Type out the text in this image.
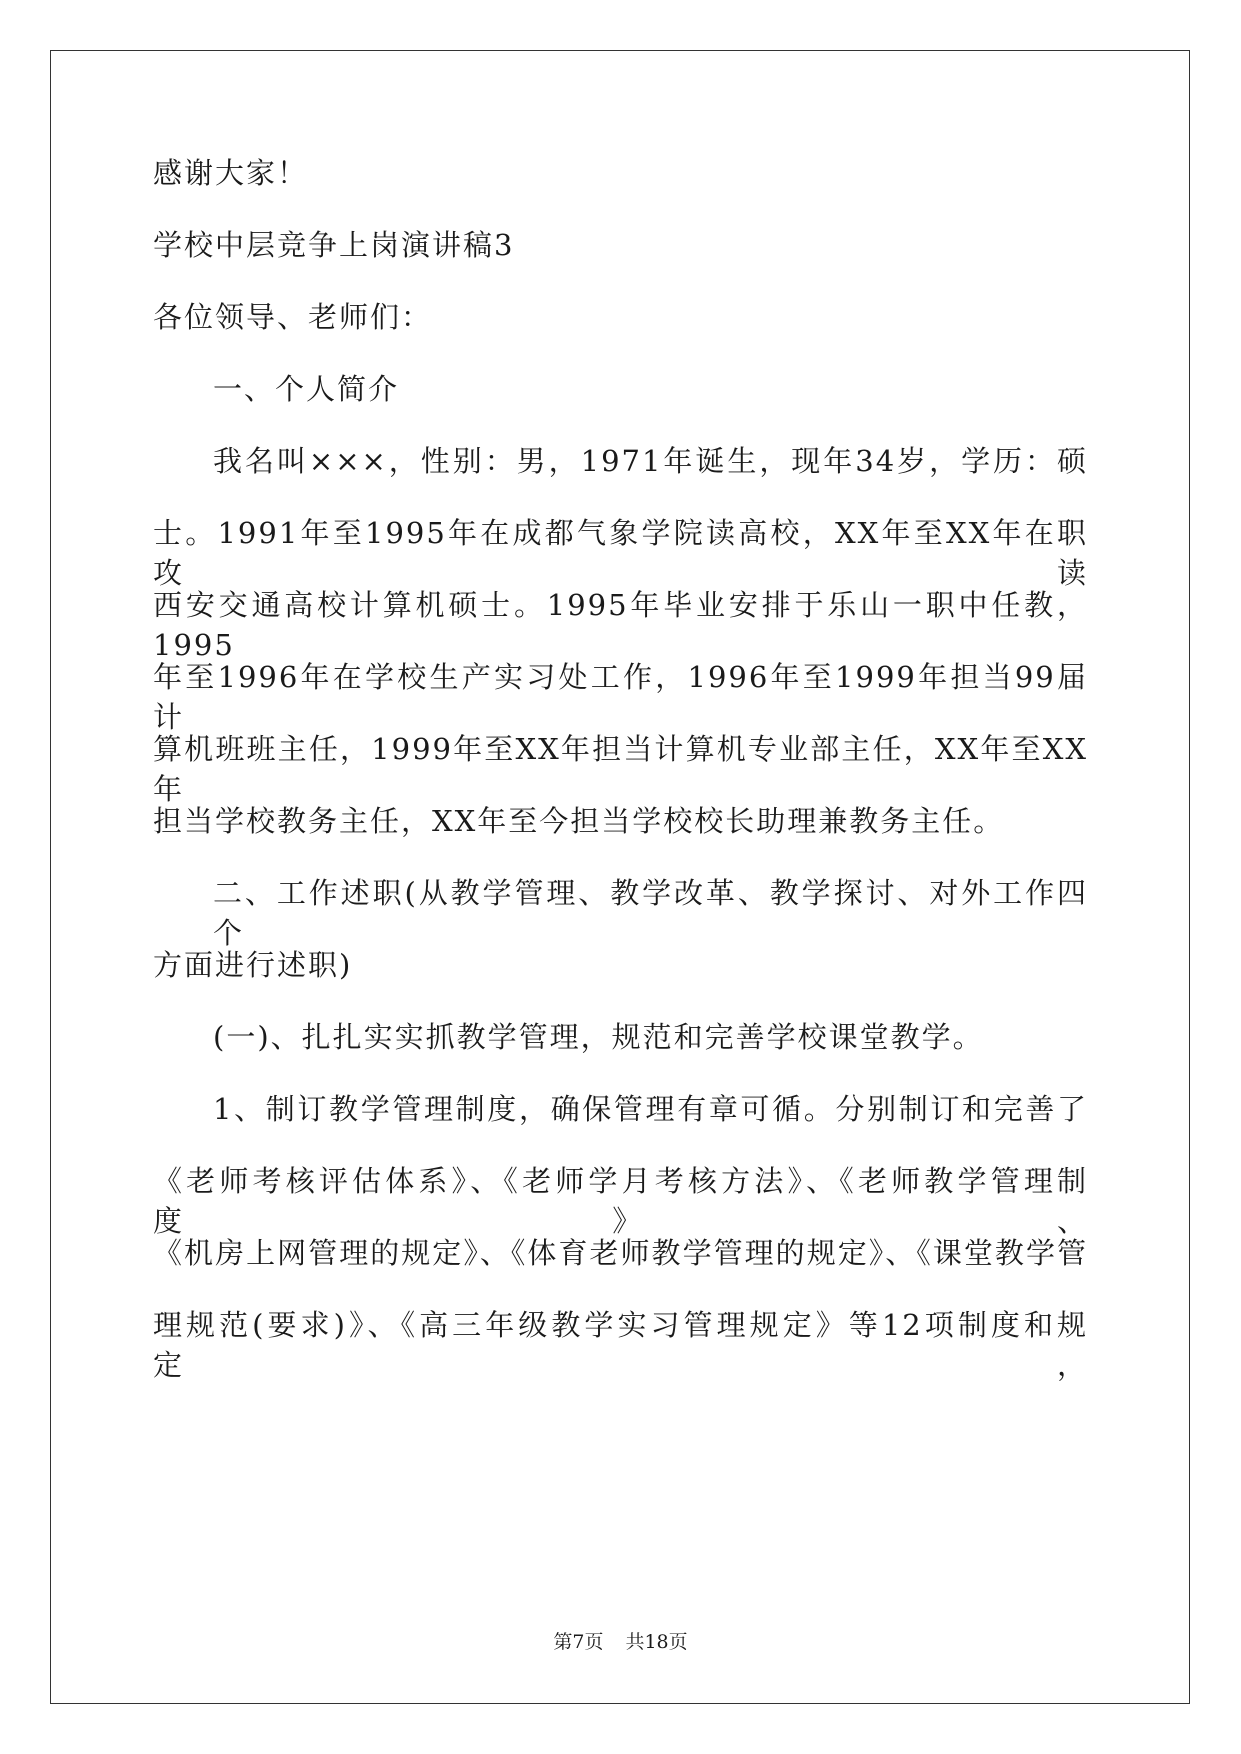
感谢大家！
学校中层竞争上岗演讲稿3
各位领导、老师们：
一、个人简介
我名叫×××，性别：男，1971年诞生，现年34岁，学历：硕
士。1991年至1995年在成都气象学院读高校，XX年至XX年在职攻读
西安交通高校计算机硕士。1995年毕业安排于乐山一职中任教，1995
年至1996年在学校生产实习处工作，1996年至1999年担当99届计
算机班班主任，1999年至XX年担当计算机专业部主任，XX年至XX年
担当学校教务主任，XX年至今担当学校校长助理兼教务主任。
二、工作述职(从教学管理、教学改革、教学探讨、对外工作四个
方面进行述职)
(一)、扎扎实实抓教学管理，规范和完善学校课堂教学。
1、制订教学管理制度，确保管理有章可循。分别制订和完善了
《老师考核评估体系》、《老师学月考核方法》、《老师教学管理制度》、
《机房上网管理的规定》、《体育老师教学管理的规定》、《课堂教学管
理规范(要求)》、《高三年级教学实习管理规定》等12项制度和规定，
第7页 共18页
